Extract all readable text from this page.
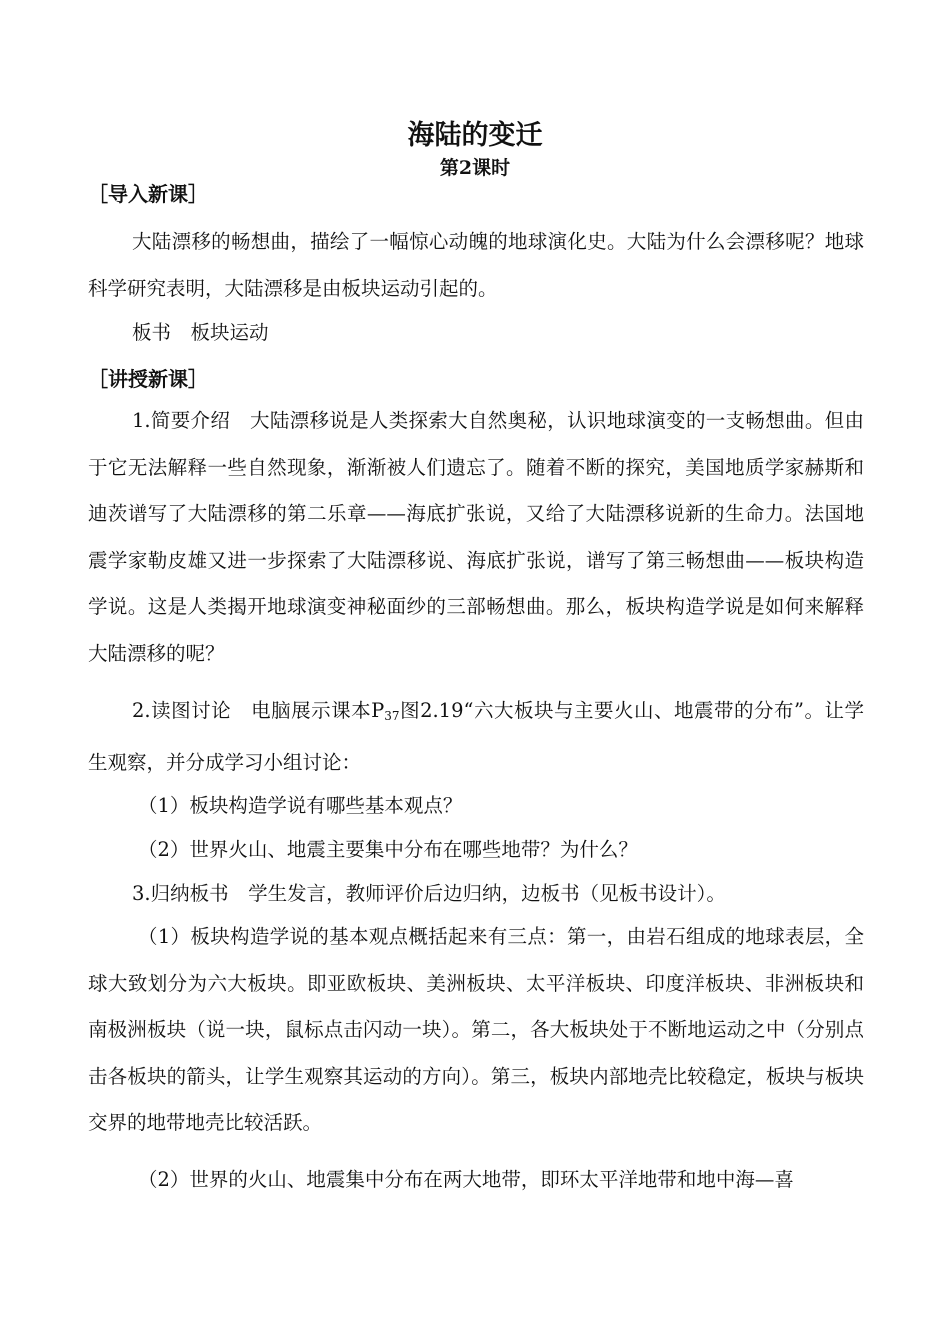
海陆的变迁
第2课时
［导入新课］

大陆漂移的畅想曲，描绘了一幅惊心动魄的地球演化史。大陆为什么会漂移呢？地球科学研究表明，大陆漂移是由板块运动引起的。

板书　板块运动
［讲授新课］

1.简要介绍　大陆漂移说是人类探索大自然奥秘，认识地球演变的一支畅想曲。但由于它无法解释一些自然现象，渐渐被人们遗忘了。随着不断的探究，美国地质学家赫斯和迪茨谱写了大陆漂移的第二乐章——海底扩张说，又给了大陆漂移说新的生命力。法国地震学家勒皮雄又进一步探索了大陆漂移说、海底扩张说，谱写了第三畅想曲——板块构造学说。这是人类揭开地球演变神秘面纱的三部畅想曲。那么，板块构造学说是如何来解释大陆漂移的呢？

2.读图讨论　电脑展示课本$P_{37}$图2.19“六大板块与主要火山、地震带的分布”。让学生观察，并分成学习小组讨论：

（1）板块构造学说有哪些基本观点？
（2）世界火山、地震主要集中分布在哪些地带？为什么？
3.归纳板书　学生发言，教师评价后边归纳，边板书（见板书设计）。

（1）板块构造学说的基本观点概括起来有三点：第一，由岩石组成的地球表层，全球大致划分为六大板块。即亚欧板块、美洲板块、太平洋板块、印度洋板块、非洲板块和南极洲板块（说一块，鼠标点击闪动一块）。第二，各大板块处于不断地运动之中（分别点击各板块的箭头，让学生观察其运动的方向）。第三，板块内部地壳比较稳定，板块与板块交界的地带地壳比较活跃。

（2）世界的火山、地震集中分布在两大地带，即环太平洋地带和地中海—喜
